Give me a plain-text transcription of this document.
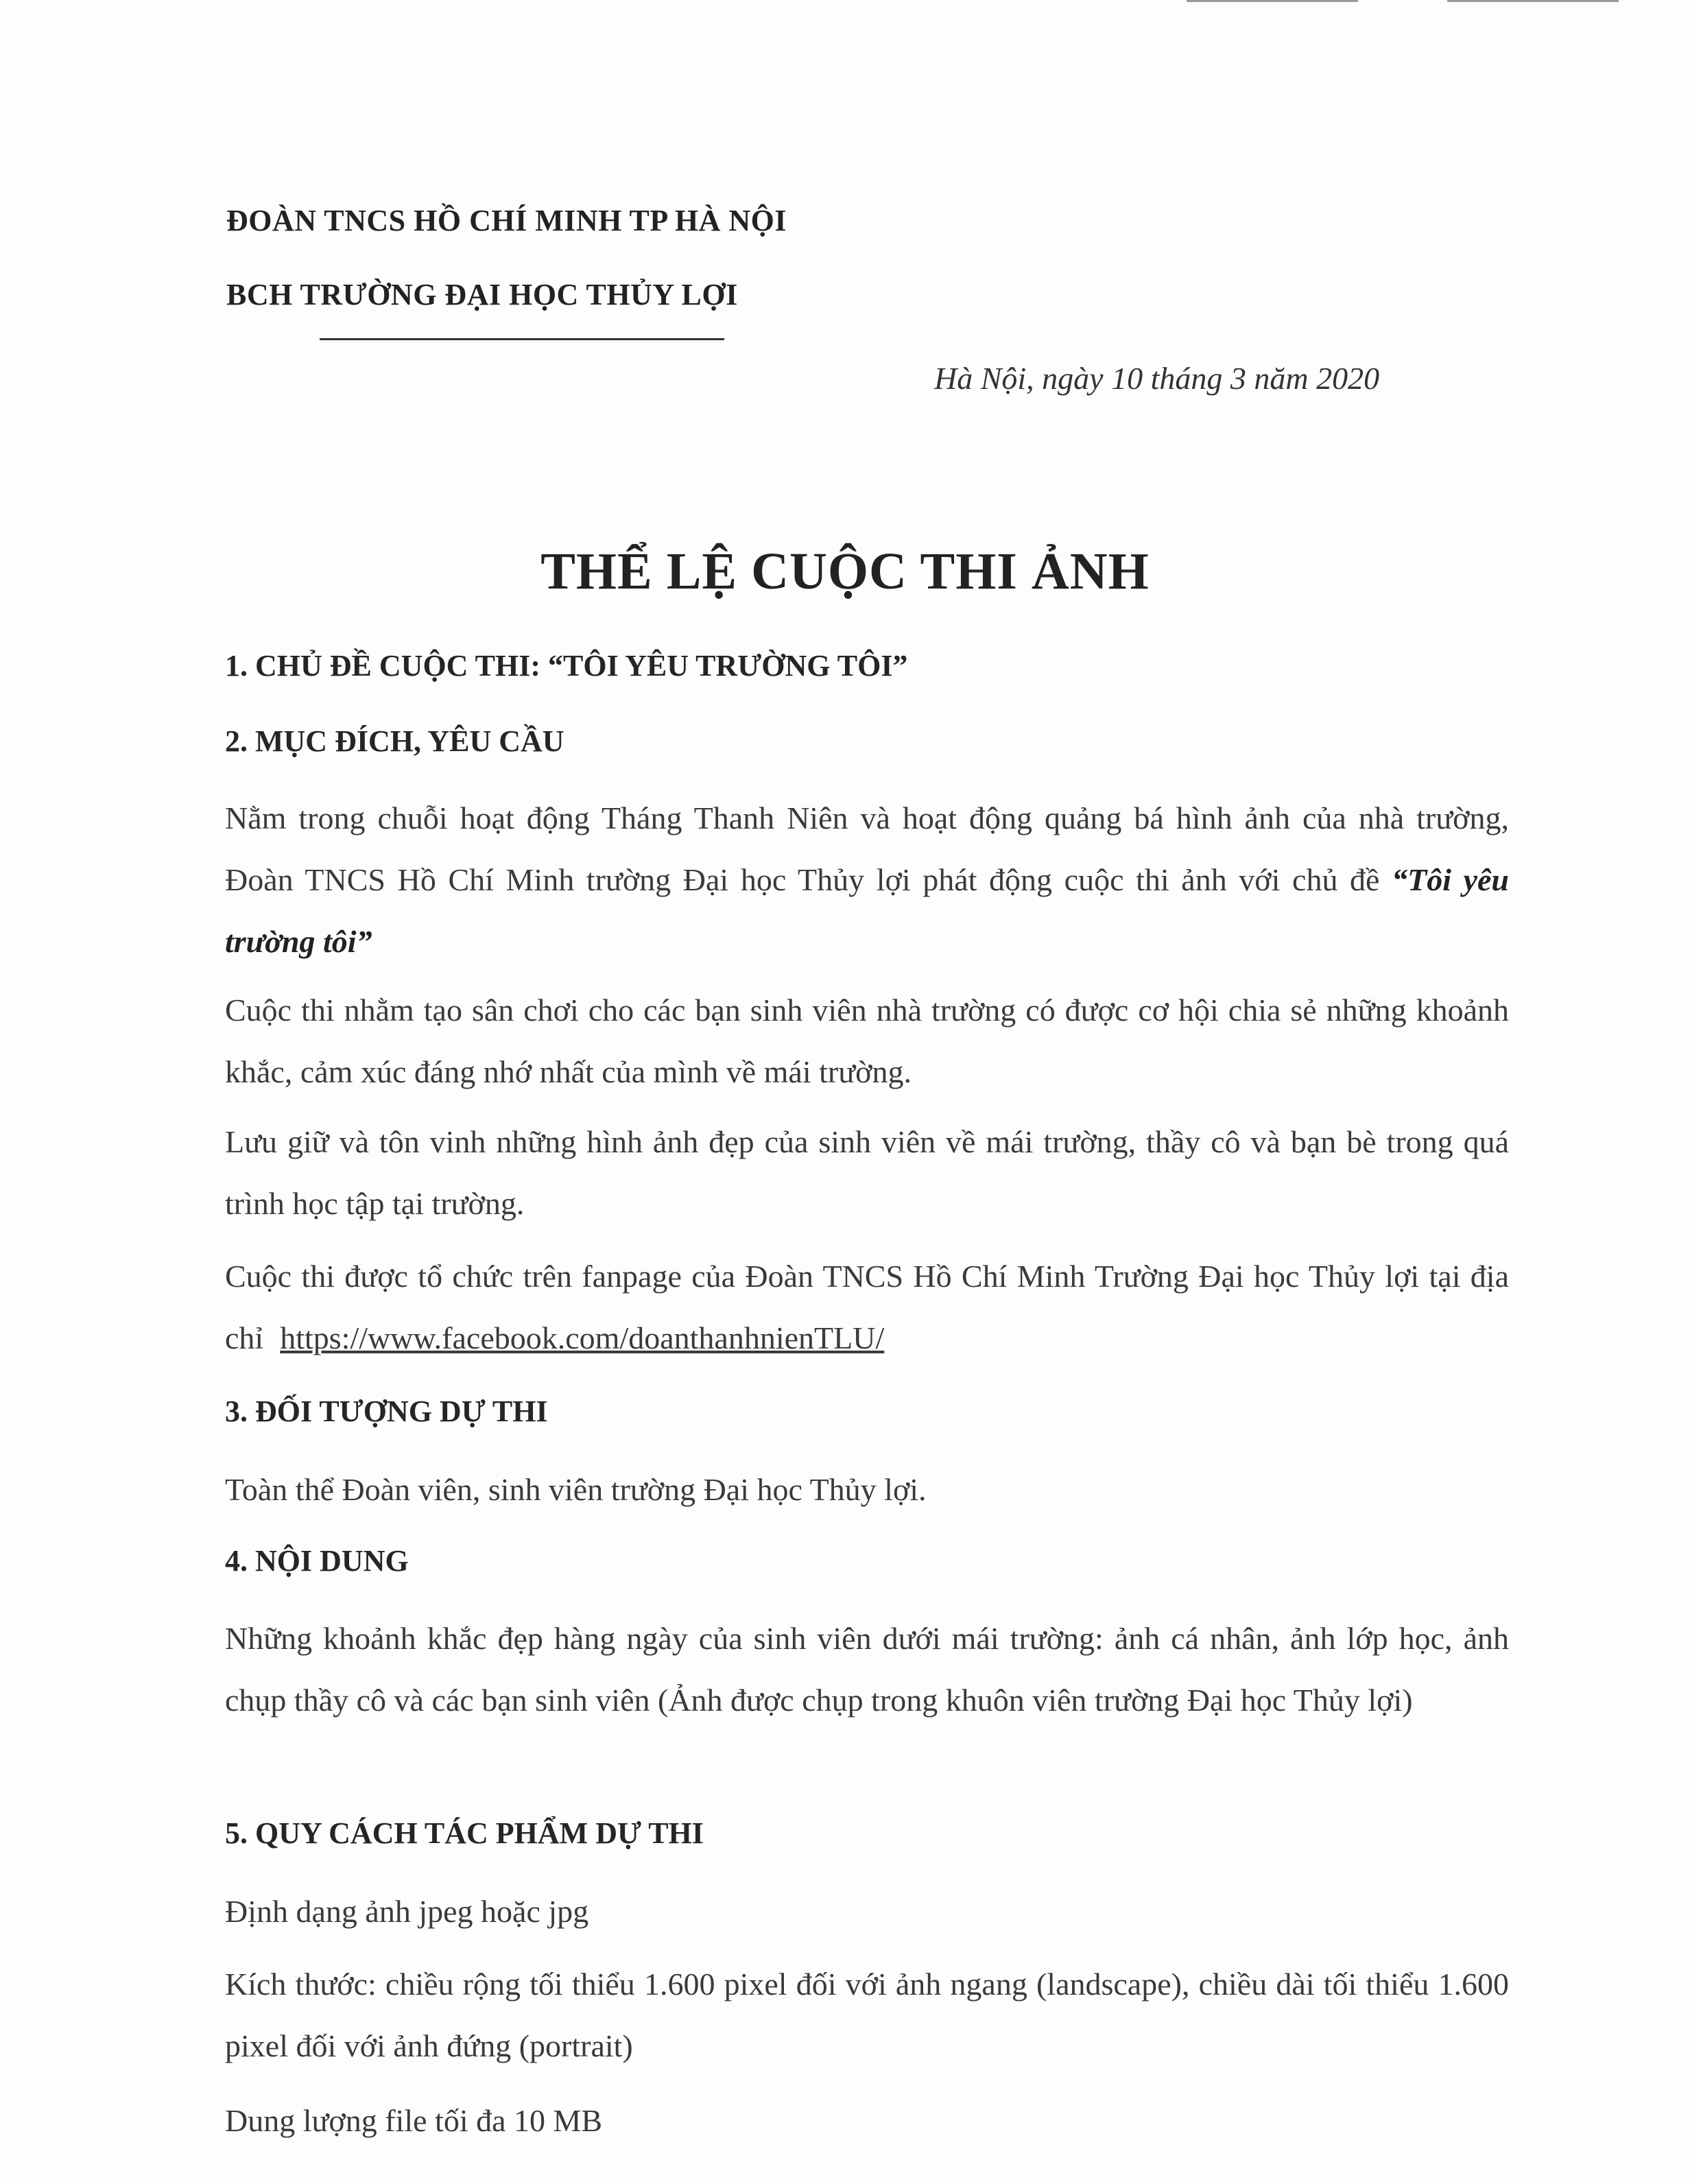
ĐOÀN TNCS HỒ CHÍ MINH TP HÀ NỘI
BCH TRƯỜNG ĐẠI HỌC THỦY LỢI
Hà Nội, ngày 10 tháng 3 năm 2020
THỂ LỆ CUỘC THI ẢNH
1. CHỦ ĐỀ CUỘC THI: “TÔI YÊU TRƯỜNG TÔI”
2. MỤC ĐÍCH, YÊU CẦU
Nằm trong chuỗi hoạt động Tháng Thanh Niên và hoạt động quảng bá hình ảnh của nhà trường, Đoàn TNCS Hồ Chí Minh trường Đại học Thủy lợi phát động cuộc thi ảnh với chủ đề “Tôi yêu trường tôi”
Cuộc thi nhằm tạo sân chơi cho các bạn sinh viên nhà trường có được cơ hội chia sẻ những khoảnh khắc, cảm xúc đáng nhớ nhất của mình về mái trường.
Lưu giữ và tôn vinh những hình ảnh đẹp của sinh viên về mái trường, thầy cô và bạn bè trong quá trình học tập tại trường.
Cuộc thi được tổ chức trên fanpage của Đoàn TNCS Hồ Chí Minh Trường Đại học Thủy lợi tại địa chỉ https://www.facebook.com/doanthanhnienTLU/
3. ĐỐI TƯỢNG DỰ THI
Toàn thể Đoàn viên, sinh viên trường Đại học Thủy lợi.
4. NỘI DUNG
Những khoảnh khắc đẹp hàng ngày của sinh viên dưới mái trường: ảnh cá nhân, ảnh lớp học, ảnh chụp thầy cô và các bạn sinh viên (Ảnh được chụp trong khuôn viên trường Đại học Thủy lợi)
5. QUY CÁCH TÁC PHẨM DỰ THI
Định dạng ảnh jpeg hoặc jpg
Kích thước: chiều rộng tối thiểu 1.600 pixel đối với ảnh ngang (landscape), chiều dài tối thiểu 1.600 pixel đối với ảnh đứng (portrait)
Dung lượng file tối đa 10 MB
